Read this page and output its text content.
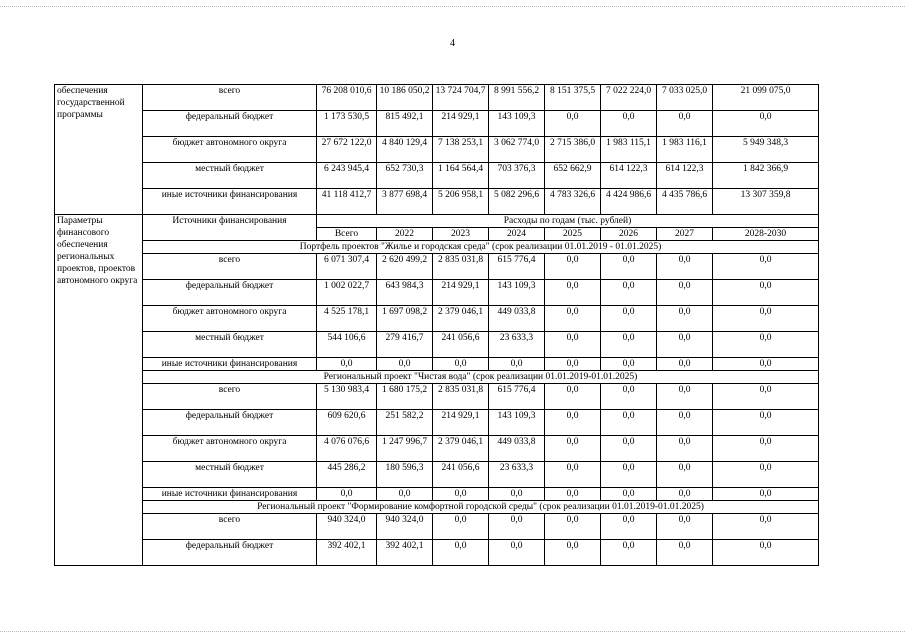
4
обеспечения государственной программы	всего	76 208 010,6	10 186 050,2	13 724 704,7	8 991 556,2	8 151 375,5	7 022 224,0	7 033 025,0	21 099 075,0
	федеральный бюджет	1 173 530,5	815 492,1	214 929,1	143 109,3	0,0	0,0	0,0	0,0
	бюджет автономного округа	27 672 122,0	4 840 129,4	7 138 253,1	3 062 774,0	2 715 386,0	1 983 115,1	1 983 116,1	5 949 348,3
	местный бюджет	6 243 945,4	652 730,3	1 164 564,4	703 376,3	652 662,9	614 122,3	614 122,3	1 842 366,9
	иные источники финансирования	41 118 412,7	3 877 698,4	5 206 958,1	5 082 296,6	4 783 326,6	4 424 986,6	4 435 786,6	13 307 359,8
Параметры финансового обеспечения региональных проектов, проектов автономного округа	Источники финансирования	Расходы по годам (тыс. рублей)							
		Всего	2022	2023	2024	2025	2026	2027	2028-2030
	Портфель проектов "Жилье и городская среда" (срок реализации 01.01.2019 - 01.01.2025)								
	всего	6 071 307,4	2 620 499,2	2 835 031,8	615 776,4	0,0	0,0	0,0	0,0
	федеральный бюджет	1 002 022,7	643 984,3	214 929,1	143 109,3	0,0	0,0	0,0	0,0
	бюджет автономного округа	4 525 178,1	1 697 098,2	2 379 046,1	449 033,8	0,0	0,0	0,0	0,0
	местный бюджет	544 106,6	279 416,7	241 056,6	23 633,3	0,0	0,0	0,0	0,0
	иные источники финансирования	0,0	0,0	0,0	0,0	0,0	0,0	0,0	0,0
	Региональный проект "Чистая вода" (срок реализации 01.01.2019-01.01.2025)								
	всего	5 130 983,4	1 680 175,2	2 835 031,8	615 776,4	0,0	0,0	0,0	0,0
	федеральный бюджет	609 620,6	251 582,2	214 929,1	143 109,3	0,0	0,0	0,0	0,0
	бюджет автономного округа	4 076 076,6	1 247 996,7	2 379 046,1	449 033,8	0,0	0,0	0,0	0,0
	местный бюджет	445 286,2	180 596,3	241 056,6	23 633,3	0,0	0,0	0,0	0,0
	иные источники финансирования	0,0	0,0	0,0	0,0	0,0	0,0	0,0	0,0
	Региональный проект "Формирование комфортной городской среды" (срок реализации 01.01.2019-01.01.2025)								
	всего	940 324,0	940 324,0	0,0	0,0	0,0	0,0	0,0	0,0
	федеральный бюджет	392 402,1	392 402,1	0,0	0,0	0,0	0,0	0,0	0,0
